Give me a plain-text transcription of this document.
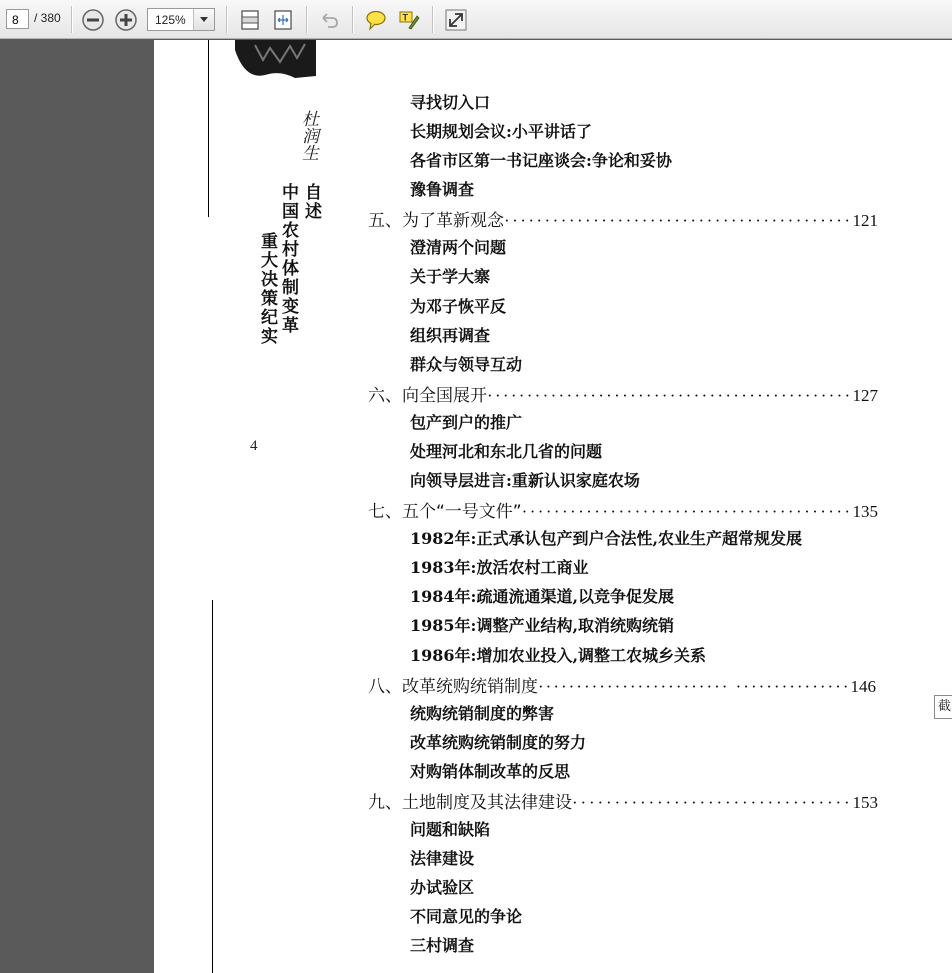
8	/ 380	125%	T
杜润生
自述
中国农村体制变革
重大决策纪实
4
寻找切入口
长期规划会议:小平讲话了
各省市区第一书记座谈会:争论和妥协
豫鲁调查
五、为了革新观念···········································121
澄清两个问题
关于学大寨
为邓子恢平反
组织再调查
群众与领导互动
六、向全国展开··············································127
包产到户的推广
处理河北和东北几省的问题
向领导层进言:重新认识家庭农场
七、五个“一号文件”·········································135
1982年:正式承认包产到户合法性,农业生产超常规发展
1983年:放活农村工商业
1984年:疏通流通渠道,以竞争促发展
1985年:调整产业结构,取消统购统销
1986年:增加农业投入,调整工农城乡关系
八、改革统购统销制度························· ···············146
统购统销制度的弊害
改革统购统销制度的努力
对购销体制改革的反思
九、土地制度及其法律建设·································153
问题和缺陷
法律建设
办试验区
不同意见的争论
三村调查
截
